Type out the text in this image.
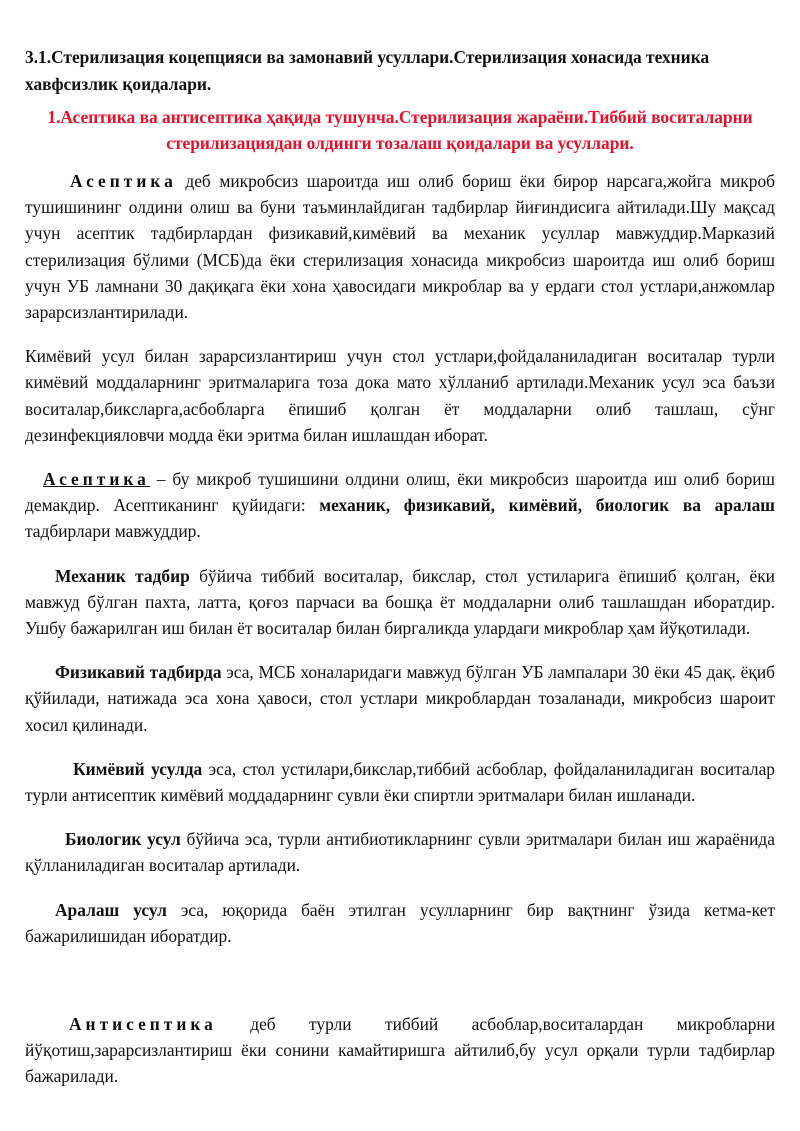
3.1.Стерилизация коцепцияси ва замонавий усуллари.Стерилизация хонасида техника хавфсизлик қоидалари.
1.Асептика ва антисептика ҳақида тушунча.Стерилизация жараёни.Тиббий воситаларни стерилизациядан олдинги тозалаш қоидалари ва усуллари.

Асептика деб микробсиз шароитда иш олиб бориш ёки бирор нарсага,жойга микроб тушишининг олдини олиш ва буни таъминлайдиган тадбирлар йиғиндисига айтилади.Шу мақсад учун асептик тадбирлардан физикавий,кимёвий ва механик усуллар мавжуддир.Марказий стерилизация бўлими (МСБ)да ёки стерилизация хонасида микробсиз шароитда иш олиб бориш учун УБ ламнани 30 дақиқага ёки хона ҳавосидаги микроблар ва у ердаги стол устлари,анжомлар зарарсизлантирилади.

Кимёвий усул билан зарарсизлантириш учун стол устлари,фойдаланиладиган воситалар турли кимёвий моддаларнинг эритмаларига тоза дока мато хўлланиб артилади.Механик усул эса баъзи воситалар,бикcларга,асбобларга ёпишиб қолган ёт моддаларни олиб ташлаш, сўнг дезинфекцияловчи модда ёки эритма билан ишлашдан иборат.

Асептика – бу микроб тушишини олдини олиш, ёки микробсиз шароитда иш олиб бориш демакдир. Асептиканинг қуйидаги: механик, физикавий, кимёвий, биологик ва аралаш тадбирлари мавжуддир.

Механик тадбир бўйича тиббий воситалар, бикслар, стол устиларига ёпишиб қолган, ёки мавжуд бўлган пахта, латта, қоғоз парчаси ва бошқа ёт моддаларни олиб ташлашдан иборатдир. Ушбу бажарилган иш билан ёт воситалар билан биргаликда улардаги микроблар ҳам йўқотилади.

Физикавий тадбирда эса, МСБ хоналаридаги мавжуд бўлган УБ лампалари 30 ёки 45 дақ. ёқиб қўйилади, натижада эса хона ҳавоси, стол устлари микроблардан тозаланади, микробсиз шароит хосил қилинади.

Кимёвий усулда эса, стол устилари,бикслар,тиббий асбоблар, фойдаланиладиган воситалар турли антисептик кимёвий моддадарнинг сувли ёки спиртли эритмалари билан ишланади.

Биологик усул бўйича эса, турли антибиотикларнинг сувли эритмалари билан иш жараёнида қўлланиладиган воситалар артилади.

Аралаш усул эса, юқорида баён этилган усулларнинг бир вақтнинг ўзида кетма-кет бажарилишидан иборатдир.

Антисептика деб турли тиббий асбоблар,воситалардан микробларни йўқотиш,зарарсизлантириш ёки сонини камайтиришга айтилиб,бу усул орқали турли тадбирлар бажарилади.
